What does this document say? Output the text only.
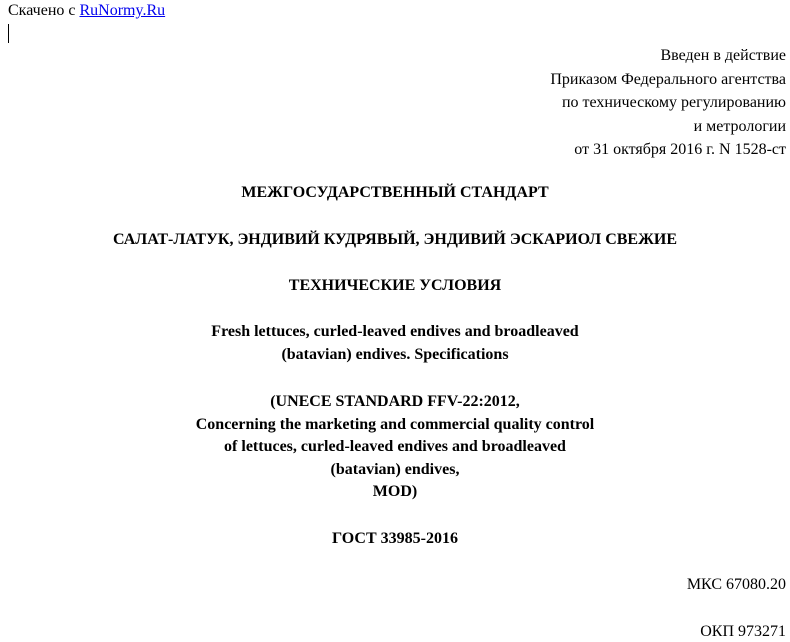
Скачено с RuNormy.Ru
Введен в действие
Приказом Федерального агентства
по техническому регулированию
и метрологии
от 31 октября 2016 г. N 1528-ст
МЕЖГОСУДАРСТВЕННЫЙ СТАНДАРТ
САЛАТ-ЛАТУК, ЭНДИВИЙ КУДРЯВЫЙ, ЭНДИВИЙ ЭСКАРИОЛ СВЕЖИЕ
ТЕХНИЧЕСКИЕ УСЛОВИЯ
Fresh lettuces, curled-leaved endives and broadleaved
(batavian) endives. Specifications
(UNECE STANDARD FFV-22:2012,
Concerning the marketing and commercial quality control
of lettuces, curled-leaved endives and broadleaved
(batavian) endives,
MOD)
ГОСТ 33985-2016
МКС 67080.20
ОКП 973271
